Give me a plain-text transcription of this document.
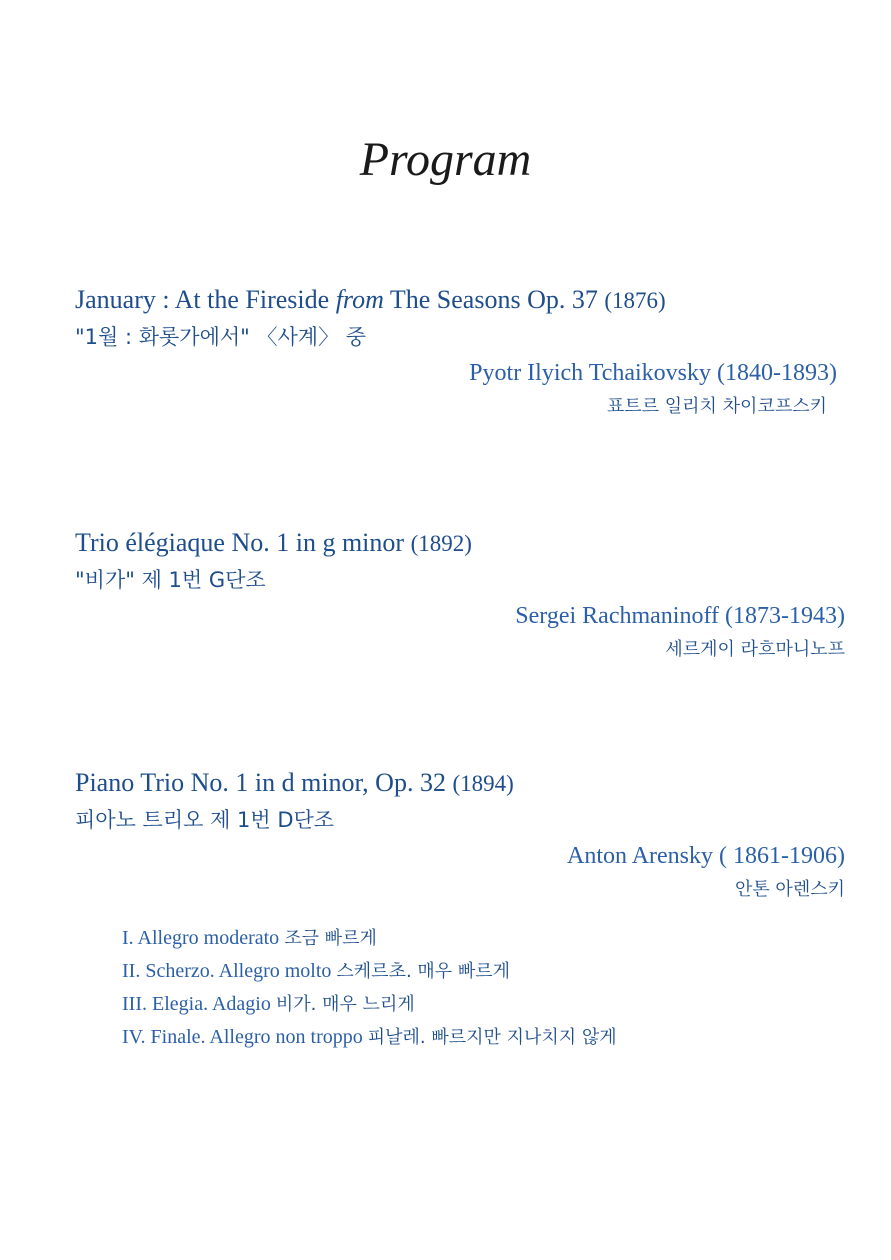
Program
January : At the Fireside from The Seasons Op. 37 (1876)
"1월 : 화롯가에서" 〈사계〉 중
Pyotr Ilyich Tchaikovsky (1840-1893)
표트르 일리치 차이코프스키
Trio élégiaque No. 1 in g minor (1892)
"비가" 제 1번 G단조
Sergei Rachmaninoff (1873-1943)
세르게이 라흐마니노프
Piano Trio No. 1 in d minor, Op. 32 (1894)
피아노 트리오 제 1번 D단조
Anton Arensky ( 1861-1906)
안톤 아렌스키
I. Allegro moderato 조금 빠르게
II. Scherzo. Allegro molto 스케르초. 매우 빠르게
III. Elegia. Adagio 비가. 매우 느리게
IV. Finale. Allegro non troppo 피날레. 빠르지만 지나치지 않게
